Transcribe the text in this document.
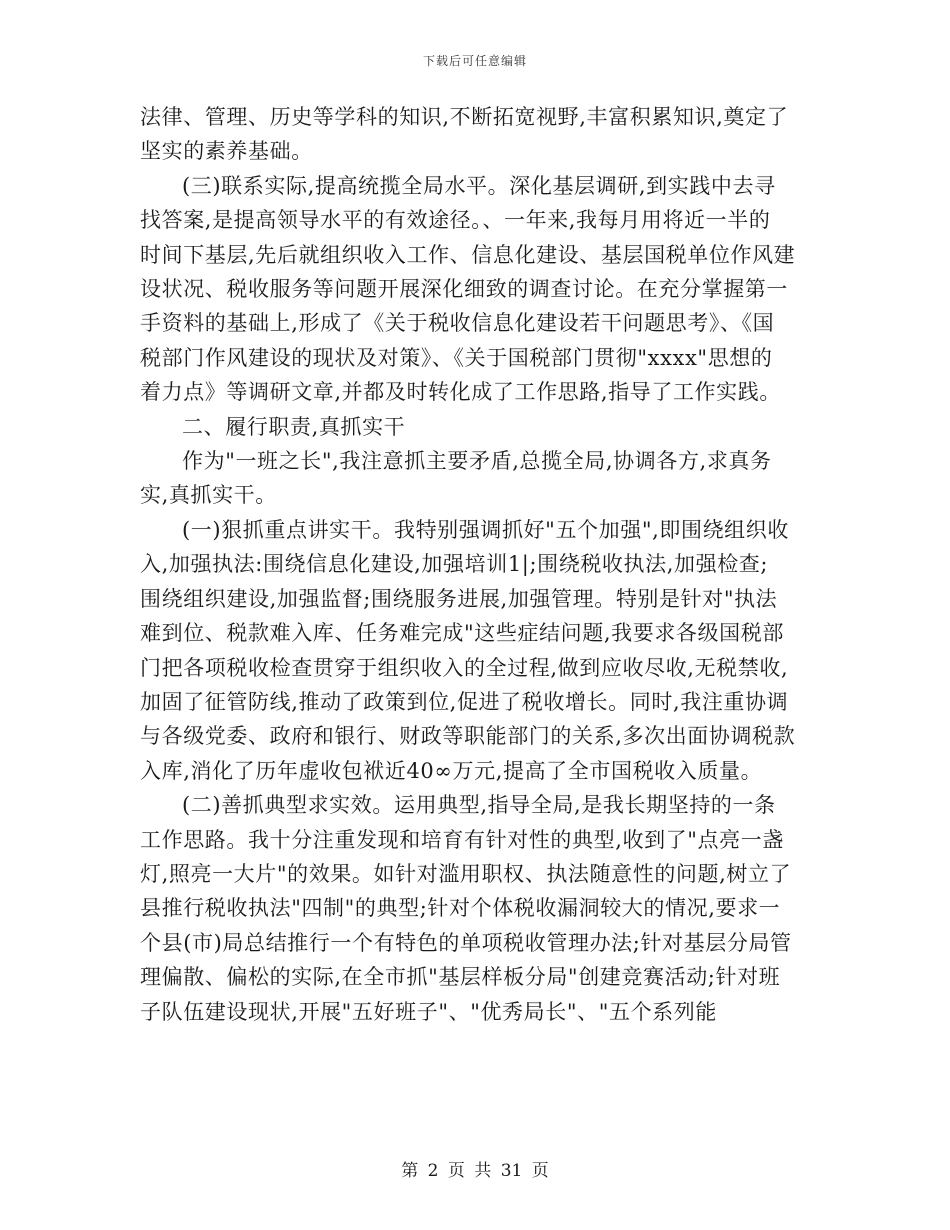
下载后可任意编辑
法律、管理、历史等学科的知识,不断拓宽视野,丰富积累知识,奠定了
坚实的素养基础。
(三)联系实际,提高统揽全局水平。深化基层调研,到实践中去寻
找答案,是提高领导水平的有效途径。、一年来,我每月用将近一半的
时间下基层,先后就组织收入工作、信息化建设、基层国税单位作风建
设状况、税收服务等问题开展深化细致的调查讨论。在充分掌握第一
手资料的基础上,形成了《关于税收信息化建设若干问题思考》、《国
税部门作风建设的现状及对策》、《关于国税部门贯彻"xxxx"思想的
着力点》等调研文章,并都及时转化成了工作思路,指导了工作实践。
二、履行职责,真抓实干
作为"一班之长",我注意抓主要矛盾,总揽全局,协调各方,求真务
实,真抓实干。
(一)狠抓重点讲实干。我特别强调抓好"五个加强",即围绕组织收
入,加强执法:围绕信息化建设,加强培训1|;围绕税收执法,加强检查;
围绕组织建设,加强监督;围绕服务进展,加强管理。特别是针对"执法
难到位、税款难入库、任务难完成"这些症结问题,我要求各级国税部
门把各项税收检查贯穿于组织收入的全过程,做到应收尽收,无税禁收,
加固了征管防线,推动了政策到位,促进了税收增长。同时,我注重协调
与各级党委、政府和银行、财政等职能部门的关系,多次出面协调税款
入库,消化了历年虚收包袱近40∞万元,提高了全市国税收入质量。
(二)善抓典型求实效。运用典型,指导全局,是我长期坚持的一条
工作思路。我十分注重发现和培育有针对性的典型,收到了"点亮一盏
灯,照亮一大片"的效果。如针对滥用职权、执法随意性的问题,树立了
县推行税收执法"四制"的典型;针对个体税收漏洞较大的情况,要求一
个县(市)局总结推行一个有特色的单项税收管理办法;针对基层分局管
理偏散、偏松的实际,在全市抓"基层样板分局"创建竞赛活动;针对班
子队伍建设现状,开展"五好班子"、"优秀局长"、"五个系列能
第 2 页 共 31 页
